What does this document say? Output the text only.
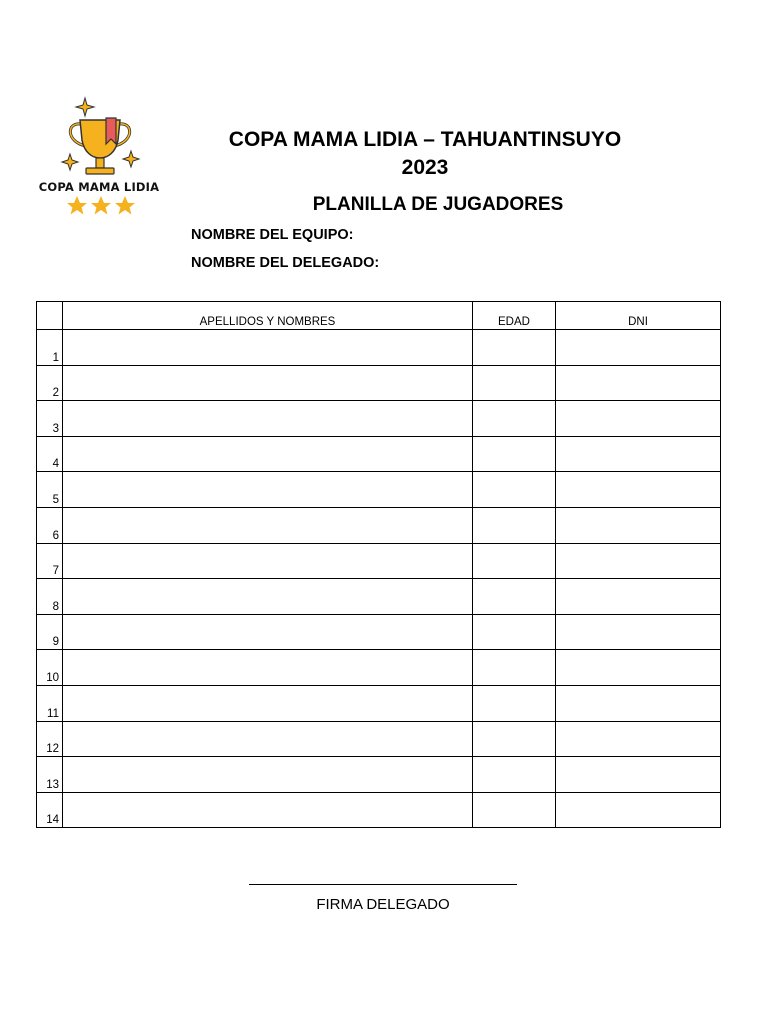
COPA MAMA LIDIA
COPA MAMA LIDIA – TAHUANTINSUYO
2023
PLANILLA DE JUGADORES
NOMBRE DEL EQUIPO:
NOMBRE DEL DELEGADO:
	APELLIDOS Y NOMBRES	EDAD	DNI
1			
2			
3			
4			
5			
6			
7			
8			
9			
10			
11			
12			
13			
14			
FIRMA DELEGADO
